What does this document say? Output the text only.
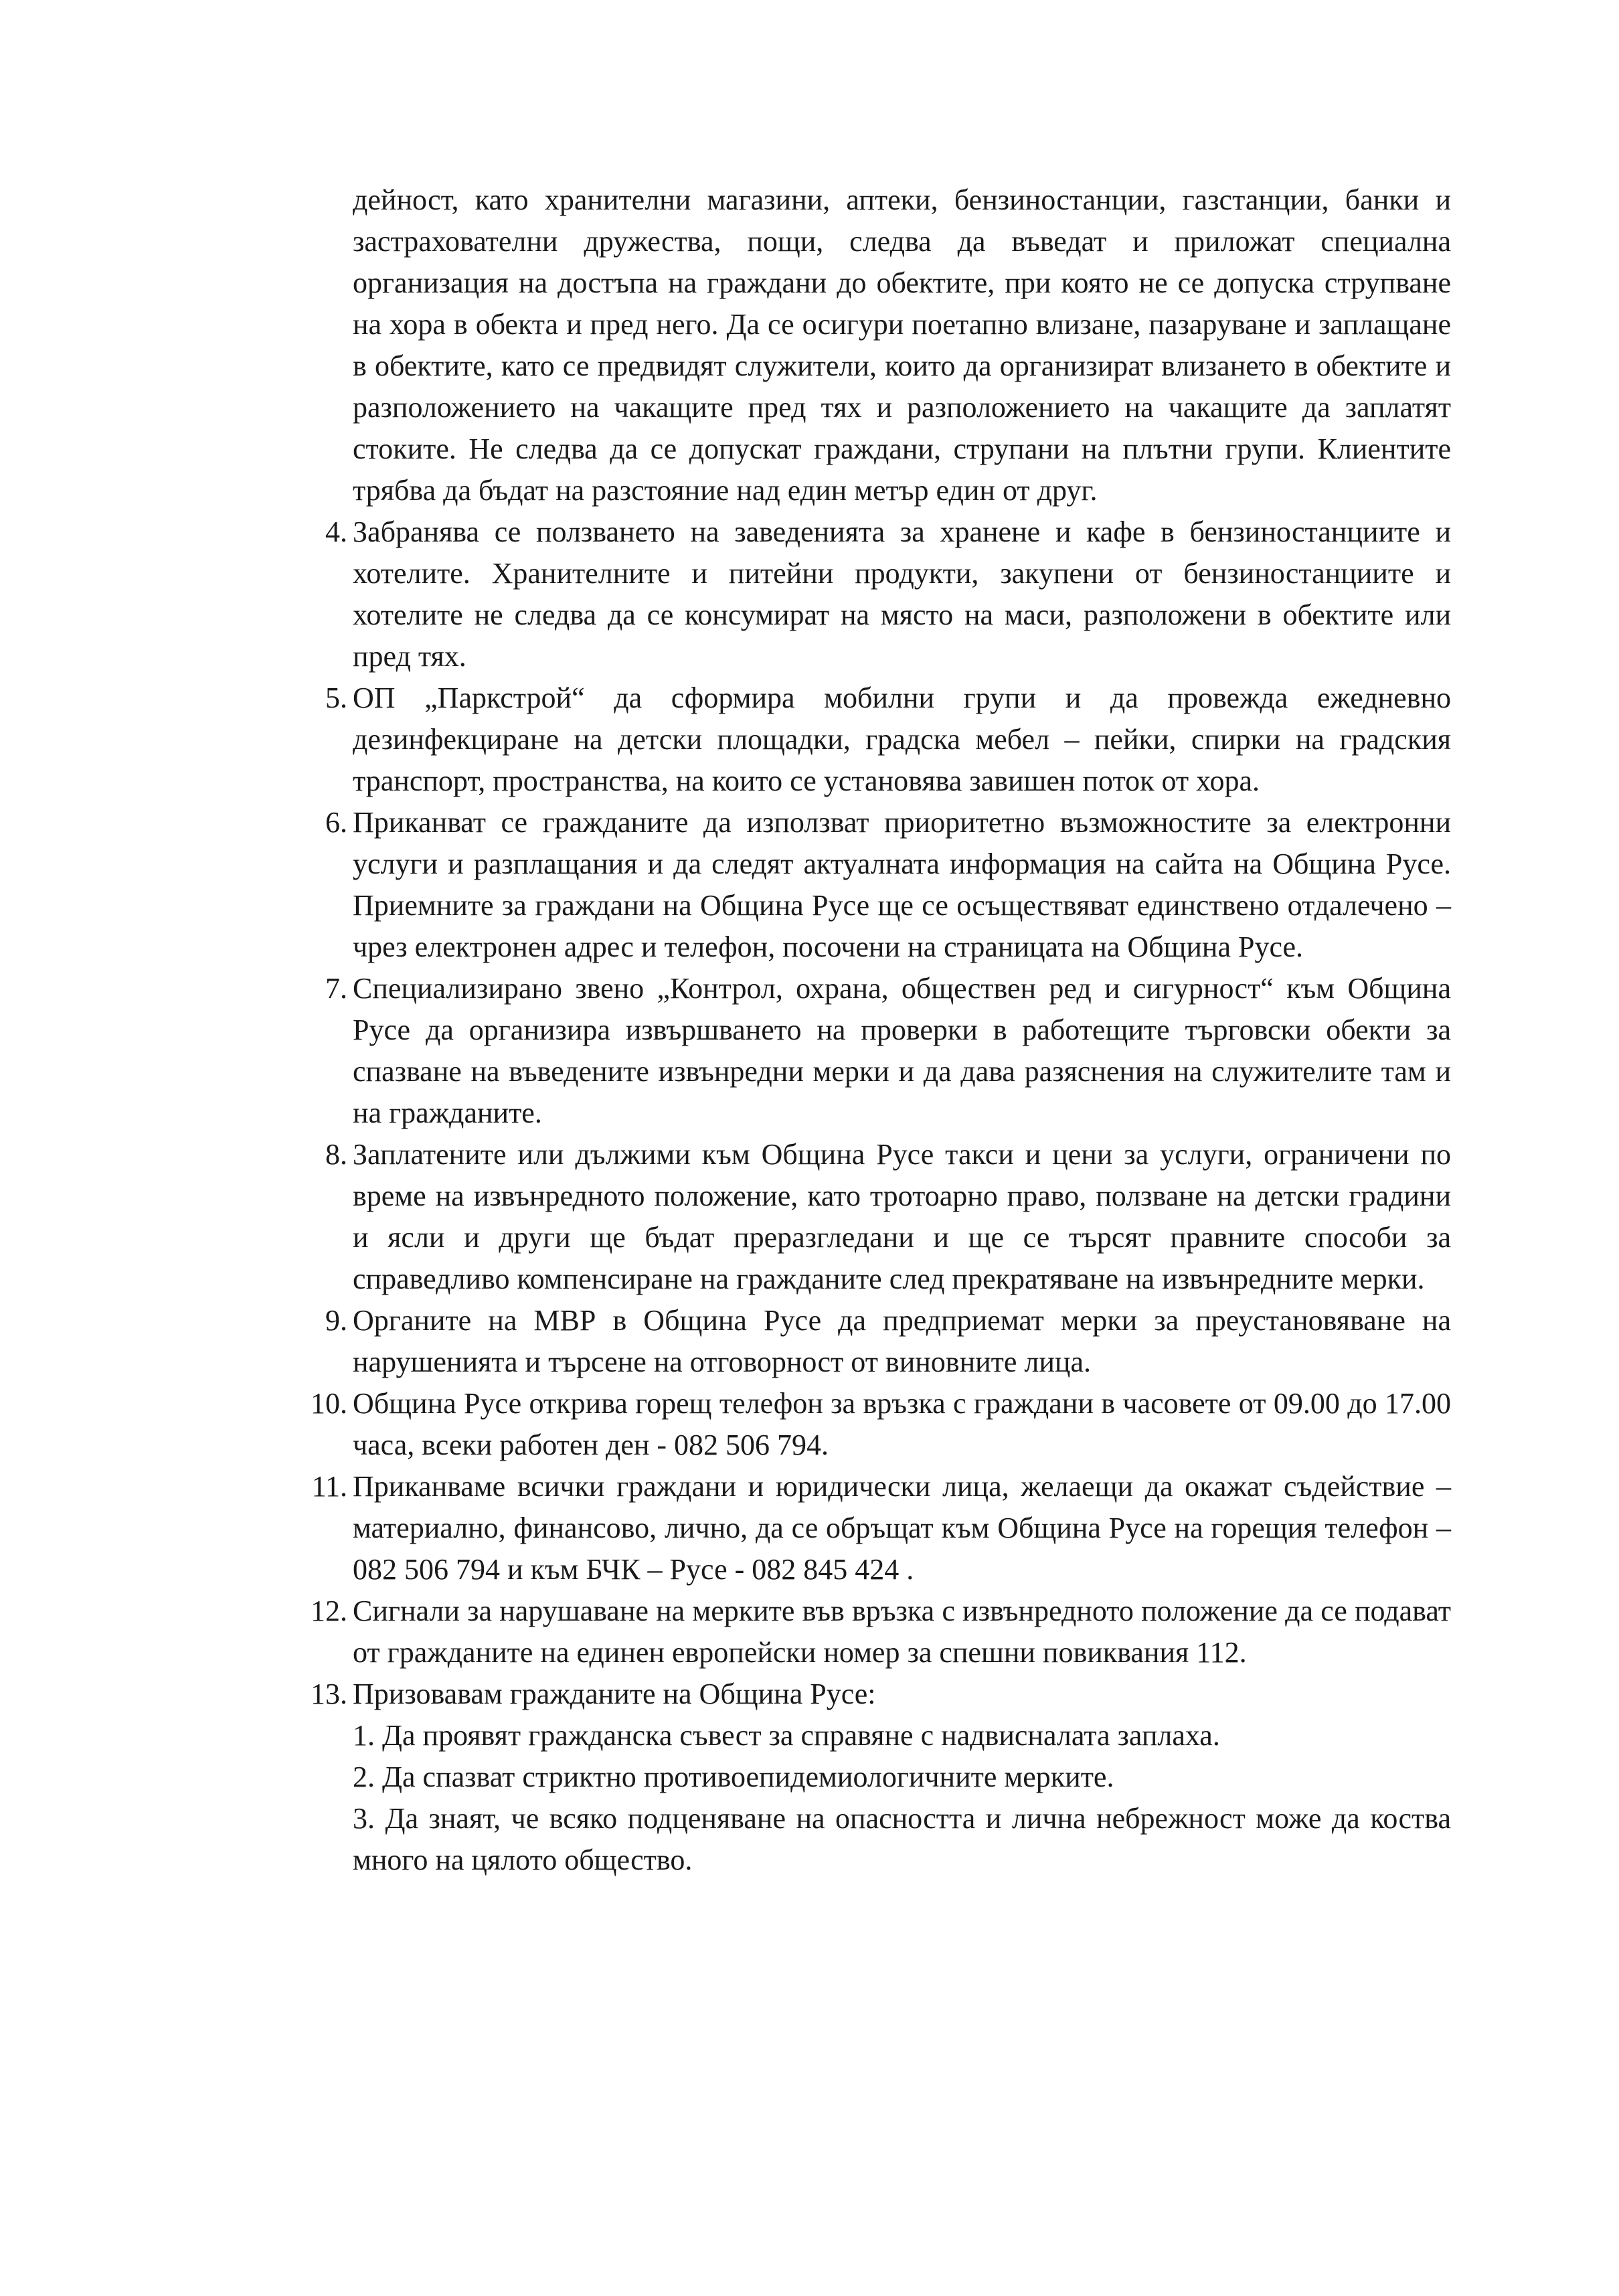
дейност, като хранителни магазини, аптеки, бензиностанции, газстанции, банки и застрахователни дружества, пощи, следва да въведат и приложат специална организация на достъпа на граждани до обектите, при която не се допуска струпване на хора в обекта и пред него. Да се осигури поетапно влизане, пазаруване и заплащане в обектите, като се предвидят служители, които да организират влизането в обектите и разположението на чакащите пред тях и разположението на чакащите да заплатят стоките. Не следва да се допускат граждани, струпани на плътни групи. Клиентите трябва да бъдат на разстояние над един метър един от друг.

4. Забранява се ползването на заведенията за хранене и кафе в бензиностанциите и хотелите. Хранителните и питейни продукти, закупени от бензиностанциите и хотелите не следва да се консумират на място на маси, разположени в обектите или пред тях.
5. ОП „Паркстрой“ да сформира мобилни групи и да провежда ежедневно дезинфекциране на детски площадки, градска мебел – пейки, спирки на градския транспорт, пространства, на които се установява завишен поток от хора.
6. Приканват се гражданите да използват приоритетно възможностите за електронни услуги и разплащания и да следят актуалната информация на сайта на Община Русе. Приемните за граждани на Община Русе ще се осъществяват единствено отдалечено – чрез електронен адрес и телефон, посочени на страницата на Община Русе.
7. Специализирано звено „Контрол, охрана, обществен ред и сигурност“ към Община Русе да организира извършването на проверки в работещите търговски обекти за спазване на въведените извънредни мерки и да дава разяснения на служителите там и на гражданите.
8. Заплатените или дължими към Община Русе такси и цени за услуги, ограничени по време на извънредното положение, като тротоарно право, ползване на детски градини и ясли и други ще бъдат преразгледани и ще се търсят правните способи за справедливо компенсиране на гражданите след прекратяване на извънредните мерки.
9. Органите на МВР в Община Русе да предприемат мерки за преустановяване на нарушенията и търсене на отговорност от виновните лица.
10. Община Русе открива горещ телефон за връзка с граждани в часовете от 09.00 до 17.00 часа, всеки работен ден - 082 506 794.
11. Приканваме всички граждани и юридически лица, желаещи да окажат съдействие – материално, финансово, лично, да се обръщат към Община Русе на горещия телефон – 082 506 794 и към БЧК – Русе - 082 845 424 .
12. Сигнали за нарушаване на мерките във връзка с извънредното положение да се подават от гражданите на единен европейски номер за спешни повиквания 112.
13. Призовавам гражданите на Община Русе:
1. Да проявят гражданска съвест за справяне с надвисналата заплаха.
2. Да спазват стриктно противоепидемиологичните мерките.
3. Да знаят, че всяко подценяване на опасността и лична небрежност може да коства много на цялото общество.
